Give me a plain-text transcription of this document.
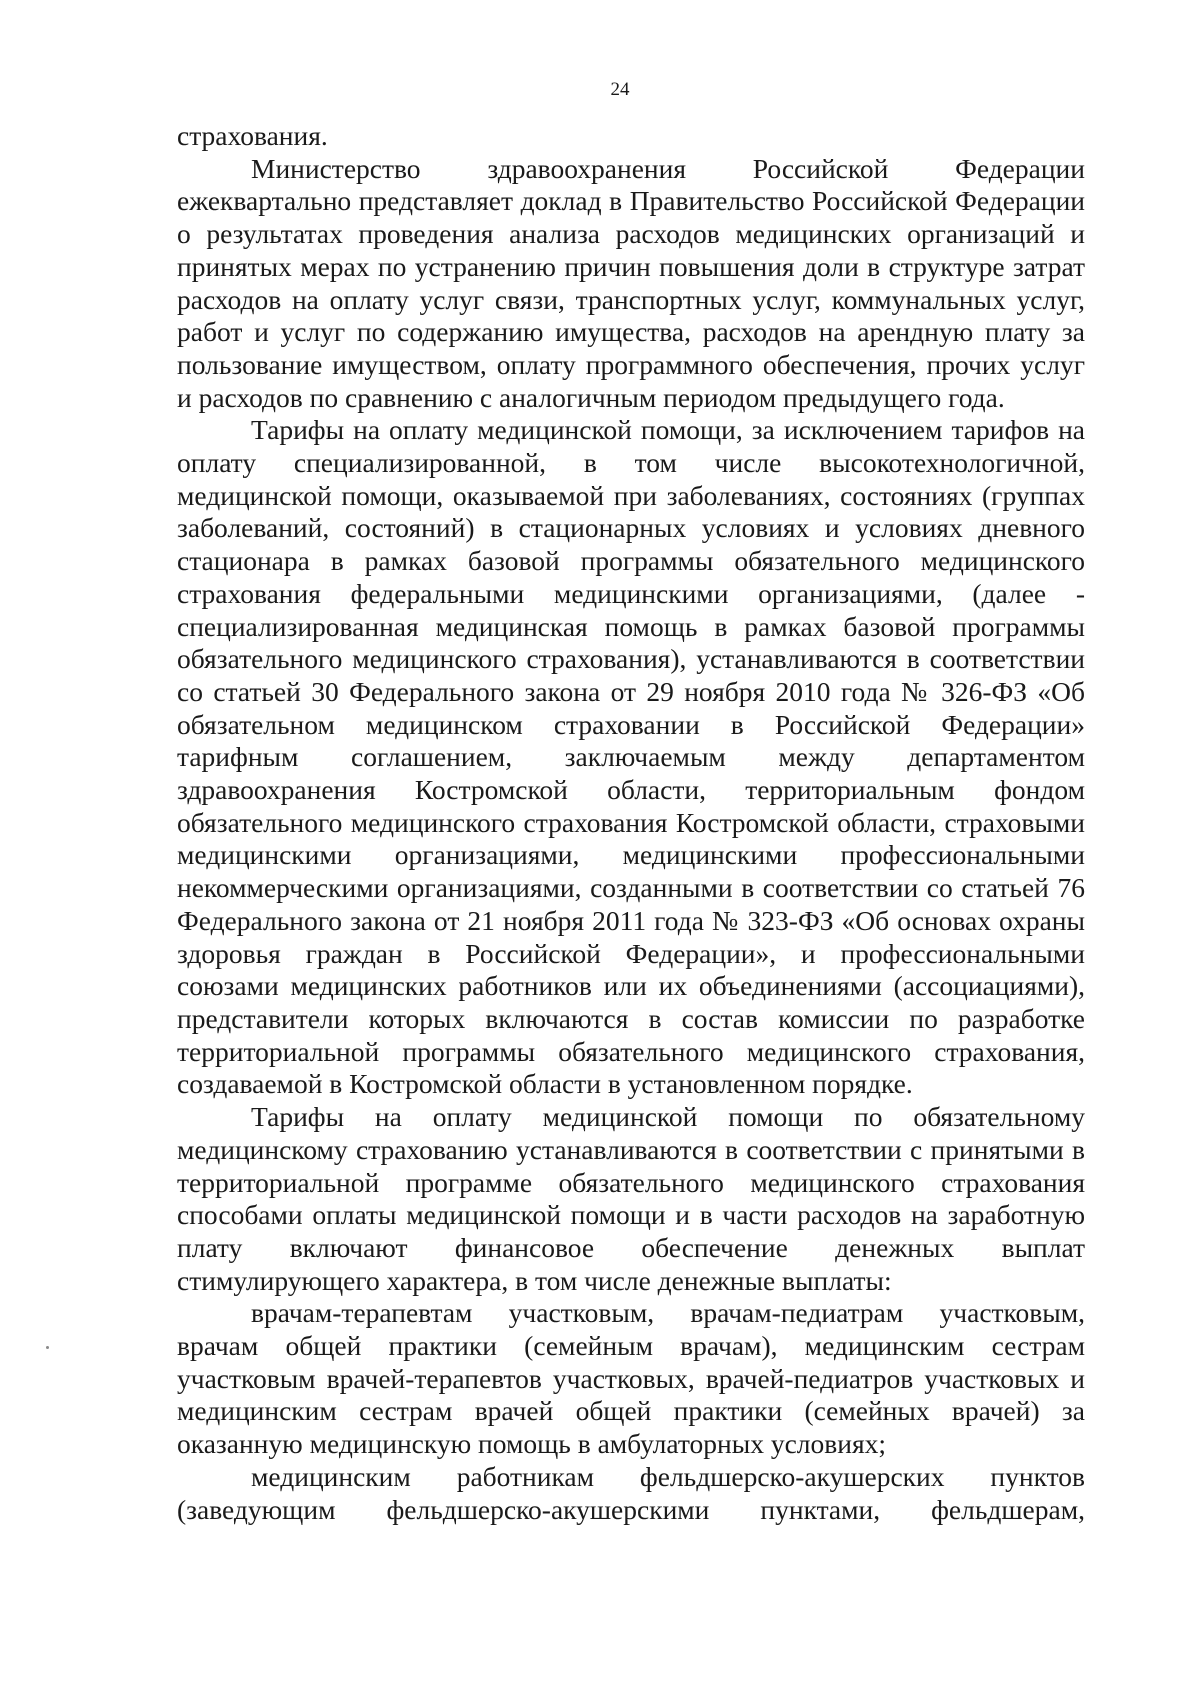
24

страхования.

Министерство здравоохранения Российской Федерации ежеквартально представляет доклад в Правительство Российской Федерации о результатах проведения анализа расходов медицинских организаций и принятых мерах по устранению причин повышения доли в структуре затрат расходов на оплату услуг связи, транспортных услуг, коммунальных услуг, работ и услуг по содержанию имущества, расходов на арендную плату за пользование имуществом, оплату программного обеспечения, прочих услуг и расходов по сравнению с аналогичным периодом предыдущего года.

Тарифы на оплату медицинской помощи, за исключением тарифов на оплату специализированной, в том числе высокотехнологичной, медицинской помощи, оказываемой при заболеваниях, состояниях (группах заболеваний, состояний) в стационарных условиях и условиях дневного стационара в рамках базовой программы обязательного медицинского страхования федеральными медицинскими организациями, (далее - специализированная медицинская помощь в рамках базовой программы обязательного медицинского страхования), устанавливаются в соответствии со статьей 30 Федерального закона от 29 ноября 2010 года № 326-ФЗ «Об обязательном медицинском страховании в Российской Федерации» тарифным соглашением, заключаемым между департаментом здравоохранения Костромской области, территориальным фондом обязательного медицинского страхования Костромской области, страховыми медицинскими организациями, медицинскими профессиональными некоммерческими организациями, созданными в соответствии со статьей 76 Федерального закона от 21 ноября 2011 года № 323-ФЗ «Об основах охраны здоровья граждан в Российской Федерации», и профессиональными союзами медицинских работников или их объединениями (ассоциациями), представители которых включаются в состав комиссии по разработке территориальной программы обязательного медицинского страхования, создаваемой в Костромской области в установленном порядке.

Тарифы на оплату медицинской помощи по обязательному медицинскому страхованию устанавливаются в соответствии с принятыми в территориальной программе обязательного медицинского страхования способами оплаты медицинской помощи и в части расходов на заработную плату включают финансовое обеспечение денежных выплат стимулирующего характера, в том числе денежные выплаты:

врачам-терапевтам участковым, врачам-педиатрам участковым, врачам общей практики (семейным врачам), медицинским сестрам участковым врачей-терапевтов участковых, врачей-педиатров участковых и медицинским сестрам врачей общей практики (семейных врачей) за оказанную медицинскую помощь в амбулаторных условиях;

медицинским работникам фельдшерско-акушерских пунктов (заведующим фельдшерско-акушерскими пунктами, фельдшерам,
